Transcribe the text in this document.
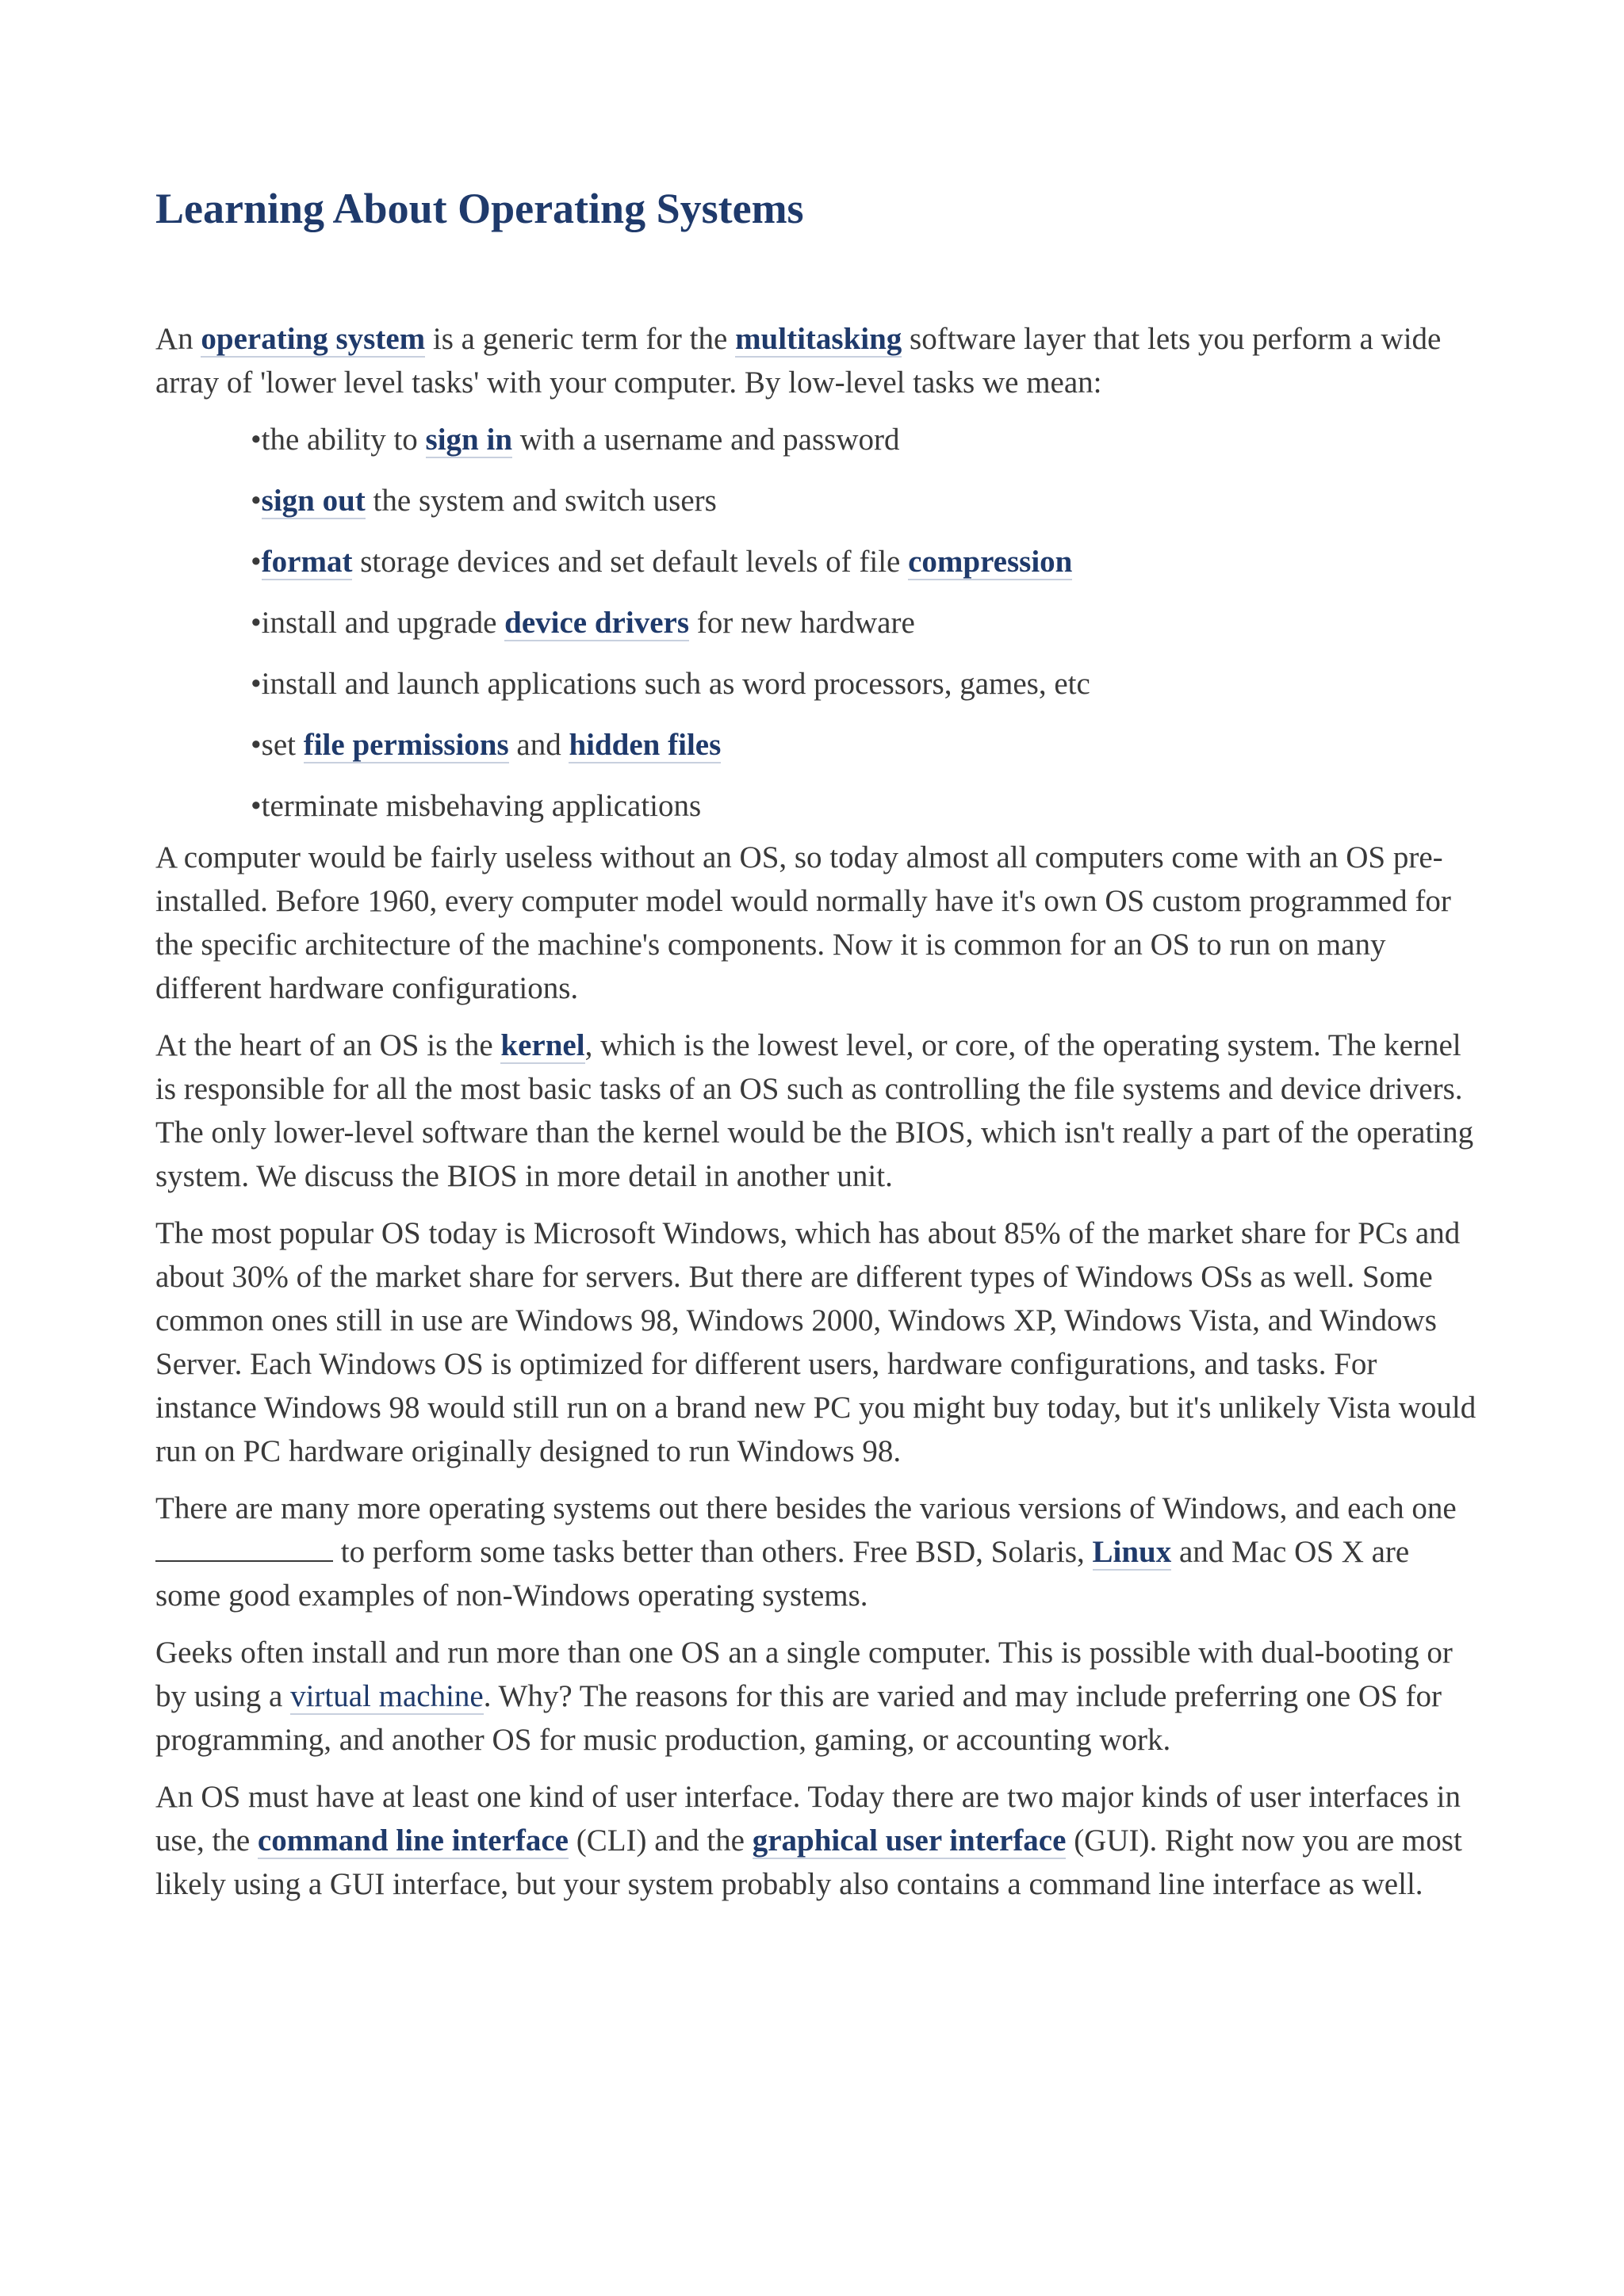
Learning About Operating Systems

An operating system is a generic term for the multitasking software layer that lets you perform a wide array of 'lower level tasks' with your computer. By low-level tasks we mean:

•the ability to sign in with a username and password
•sign out the system and switch users
•format storage devices and set default levels of file compression
•install and upgrade device drivers for new hardware
•install and launch applications such as word processors, games, etc
•set file permissions and hidden files
•terminate misbehaving applications

A computer would be fairly useless without an OS, so today almost all computers come with an OS pre-installed. Before 1960, every computer model would normally have it's own OS custom programmed for the specific architecture of the machine's components. Now it is common for an OS to run on many different hardware configurations.

At the heart of an OS is the kernel, which is the lowest level, or core, of the operating system. The kernel is responsible for all the most basic tasks of an OS such as controlling the file systems and device drivers. The only lower-level software than the kernel would be the BIOS, which isn't really a part of the operating system. We discuss the BIOS in more detail in another unit.

The most popular OS today is Microsoft Windows, which has about 85% of the market share for PCs and about 30% of the market share for servers. But there are different types of Windows OSs as well. Some common ones still in use are Windows 98, Windows 2000, Windows XP, Windows Vista, and Windows Server. Each Windows OS is optimized for different users, hardware configurations, and tasks. For instance Windows 98 would still run on a brand new PC you might buy today, but it's unlikely Vista would run on PC hardware originally designed to run Windows 98.

There are many more operating systems out there besides the various versions of Windows, and each one  to perform some tasks better than others. Free BSD, Solaris, Linux and Mac OS X are some good examples of non-Windows operating systems.

Geeks often install and run more than one OS an a single computer. This is possible with dual-booting or by using a virtual machine. Why? The reasons for this are varied and may include preferring one OS for programming, and another OS for music production, gaming, or accounting work.

An OS must have at least one kind of user interface. Today there are two major kinds of user interfaces in use, the command line interface (CLI) and the graphical user interface (GUI). Right now you are most likely using a GUI interface, but your system probably also contains a command line interface as well.
